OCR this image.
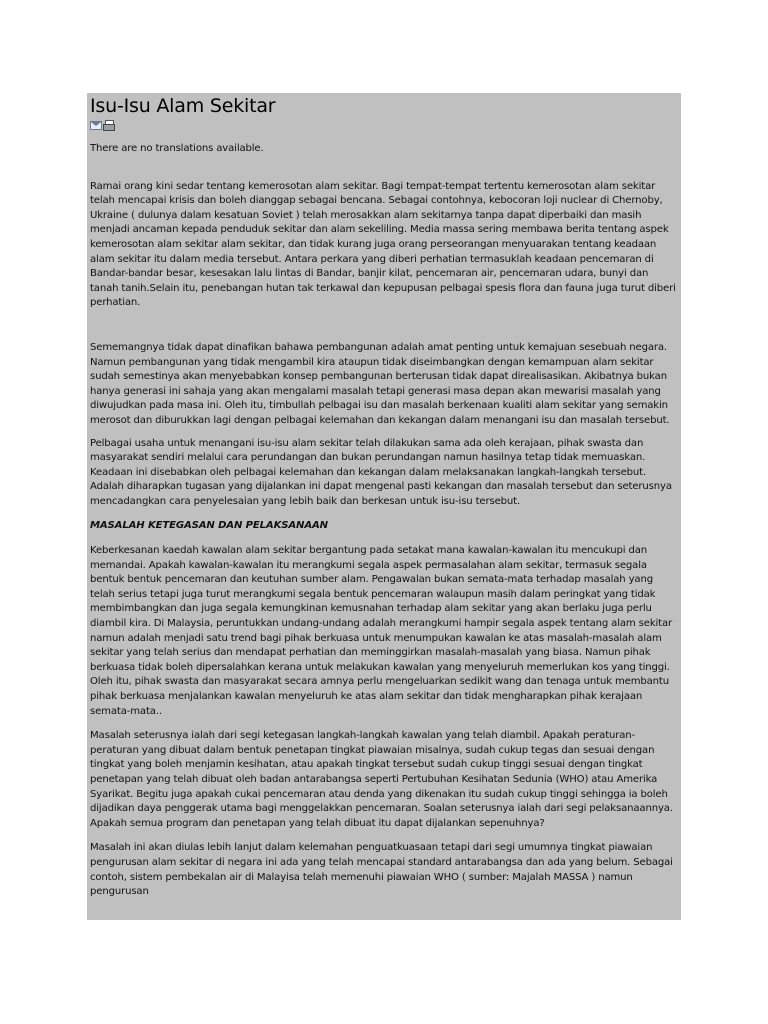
Isu-Isu Alam Sekitar

There are no translations available.

Ramai orang kini sedar tentang kemerosotan alam sekitar. Bagi tempat-tempat tertentu kemerosotan alam sekitar telah mencapai krisis dan boleh dianggap sebagai bencana. Sebagai contohnya, kebocoran loji nuclear di Chernoby, Ukraine ( dulunya dalam kesatuan Soviet ) telah merosakkan alam sekitarnya tanpa dapat diperbaiki dan masih menjadi ancaman kepada penduduk sekitar dan alam sekeliling. Media massa sering membawa berita tentang aspek kemerosotan alam sekitar alam sekitar, dan tidak kurang juga orang perseorangan menyuarakan tentang keadaan alam sekitar itu dalam media tersebut. Antara perkara yang diberi perhatian termasuklah keadaan pencemaran di Bandar-bandar besar, kesesakan lalu lintas di Bandar, banjir kilat, pencemaran air, pencemaran udara, bunyi dan tanah tanih.Selain itu, penebangan hutan tak terkawal dan kepupusan pelbagai spesis flora dan fauna juga turut diberi perhatian.

Sememangnya tidak dapat dinafikan bahawa pembangunan adalah amat penting untuk kemajuan sesebuah negara. Namun pembangunan yang tidak mengambil kira ataupun tidak diseimbangkan dengan kemampuan alam sekitar sudah semestinya akan menyebabkan konsep pembangunan berterusan tidak dapat direalisasikan. Akibatnya bukan hanya generasi ini sahaja yang akan mengalami masalah tetapi generasi masa depan akan mewarisi masalah yang diwujudkan pada masa ini. Oleh itu, timbullah pelbagai isu dan masalah berkenaan kualiti alam sekitar yang semakin merosot dan diburukkan lagi dengan pelbagai kelemahan dan kekangan dalam menangani isu dan masalah tersebut.

Pelbagai usaha untuk menangani isu-isu alam sekitar telah dilakukan sama ada oleh kerajaan, pihak swasta dan masyarakat sendiri melalui cara perundangan dan bukan perundangan namun hasilnya tetap tidak memuaskan. Keadaan ini disebabkan oleh pelbagai kelemahan dan kekangan dalam melaksanakan langkah-langkah tersebut. Adalah diharapkan tugasan yang dijalankan ini dapat mengenal pasti kekangan dan masalah tersebut dan seterusnya mencadangkan cara penyelesaian yang lebih baik dan berkesan untuk isu-isu tersebut.

MASALAH KETEGASAN DAN PELAKSANAAN

Keberkesanan kaedah kawalan alam sekitar bergantung pada setakat mana kawalan-kawalan itu mencukupi dan memandai. Apakah kawalan-kawalan itu merangkumi segala aspek permasalahan alam sekitar, termasuk segala bentuk bentuk pencemaran dan keutuhan sumber alam. Pengawalan bukan semata-mata terhadap masalah yang telah serius tetapi juga turut merangkumi segala bentuk pencemaran walaupun masih dalam peringkat yang tidak membimbangkan dan juga segala kemungkinan kemusnahan terhadap alam sekitar yang akan berlaku juga perlu diambil kira. Di Malaysia, peruntukkan undang-undang adalah merangkumi hampir segala aspek tentang alam sekitar namun adalah menjadi satu trend bagi pihak berkuasa untuk menumpukan kawalan ke atas masalah-masalah alam sekitar yang telah serius dan mendapat perhatian dan meminggirkan masalah-masalah yang biasa. Namun pihak berkuasa tidak boleh dipersalahkan kerana untuk melakukan kawalan yang menyeluruh memerlukan kos yang tinggi. Oleh itu, pihak swasta dan masyarakat secara amnya perlu mengeluarkan sedikit wang dan tenaga untuk membantu pihak berkuasa menjalankan kawalan menyeluruh ke atas alam sekitar dan tidak mengharapkan pihak kerajaan semata-mata..

Masalah seterusnya ialah dari segi ketegasan langkah-langkah kawalan yang telah diambil. Apakah peraturan-peraturan yang dibuat dalam bentuk penetapan tingkat piawaian misalnya, sudah cukup tegas dan sesuai dengan tingkat yang boleh menjamin kesihatan, atau apakah tingkat tersebut sudah cukup tinggi sesuai dengan tingkat penetapan yang telah dibuat oleh badan antarabangsa seperti Pertubuhan Kesihatan Sedunia (WHO) atau Amerika Syarikat. Begitu juga apakah cukai pencemaran atau denda yang dikenakan itu sudah cukup tinggi sehingga ia boleh dijadikan daya penggerak utama bagi menggelakkan pencemaran. Soalan seterusnya ialah dari segi pelaksanaannya. Apakah semua program dan penetapan yang telah dibuat itu dapat dijalankan sepenuhnya?

Masalah ini akan diulas lebih lanjut dalam kelemahan penguatkuasaan tetapi dari segi umumnya tingkat piawaian pengurusan alam sekitar di negara ini ada yang telah mencapai standard antarabangsa dan ada yang belum. Sebagai contoh, sistem pembekalan air di Malayisa telah memenuhi piawaian WHO ( sumber: Majalah MASSA ) namun pengurusan
